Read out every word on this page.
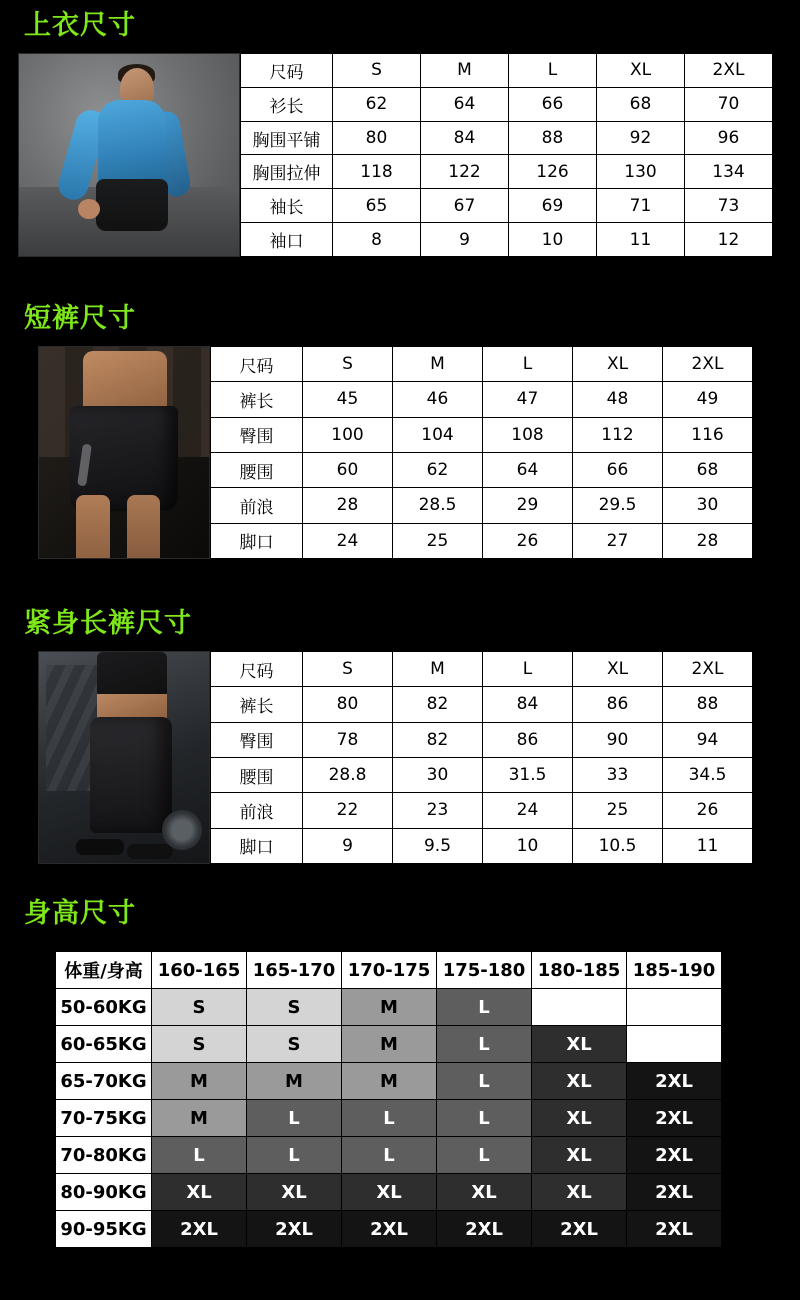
上衣尺寸
尺码	S	M	L	XL	2XL
衫长	62	64	66	68	70
胸围平铺	80	84	88	92	96
胸围拉伸	118	122	126	130	134
袖长	65	67	69	71	73
袖口	8	9	10	11	12
短裤尺寸
尺码	S	M	L	XL	2XL
裤长	45	46	47	48	49
臀围	100	104	108	112	116
腰围	60	62	64	66	68
前浪	28	28.5	29	29.5	30
脚口	24	25	26	27	28
紧身长裤尺寸
尺码	S	M	L	XL	2XL
裤长	80	82	84	86	88
臀围	78	82	86	90	94
腰围	28.8	30	31.5	33	34.5
前浪	22	23	24	25	26
脚口	9	9.5	10	10.5	11
身高尺寸
体重/身高	160-165	165-170	170-175	175-180	180-185	185-190
50-60KG	S	S	M	L		
60-65KG	S	S	M	L	XL	
65-70KG	M	M	M	L	XL	2XL
70-75KG	M	L	L	L	XL	2XL
70-80KG	L	L	L	L	XL	2XL
80-90KG	XL	XL	XL	XL	XL	2XL
90-95KG	2XL	2XL	2XL	2XL	2XL	2XL
